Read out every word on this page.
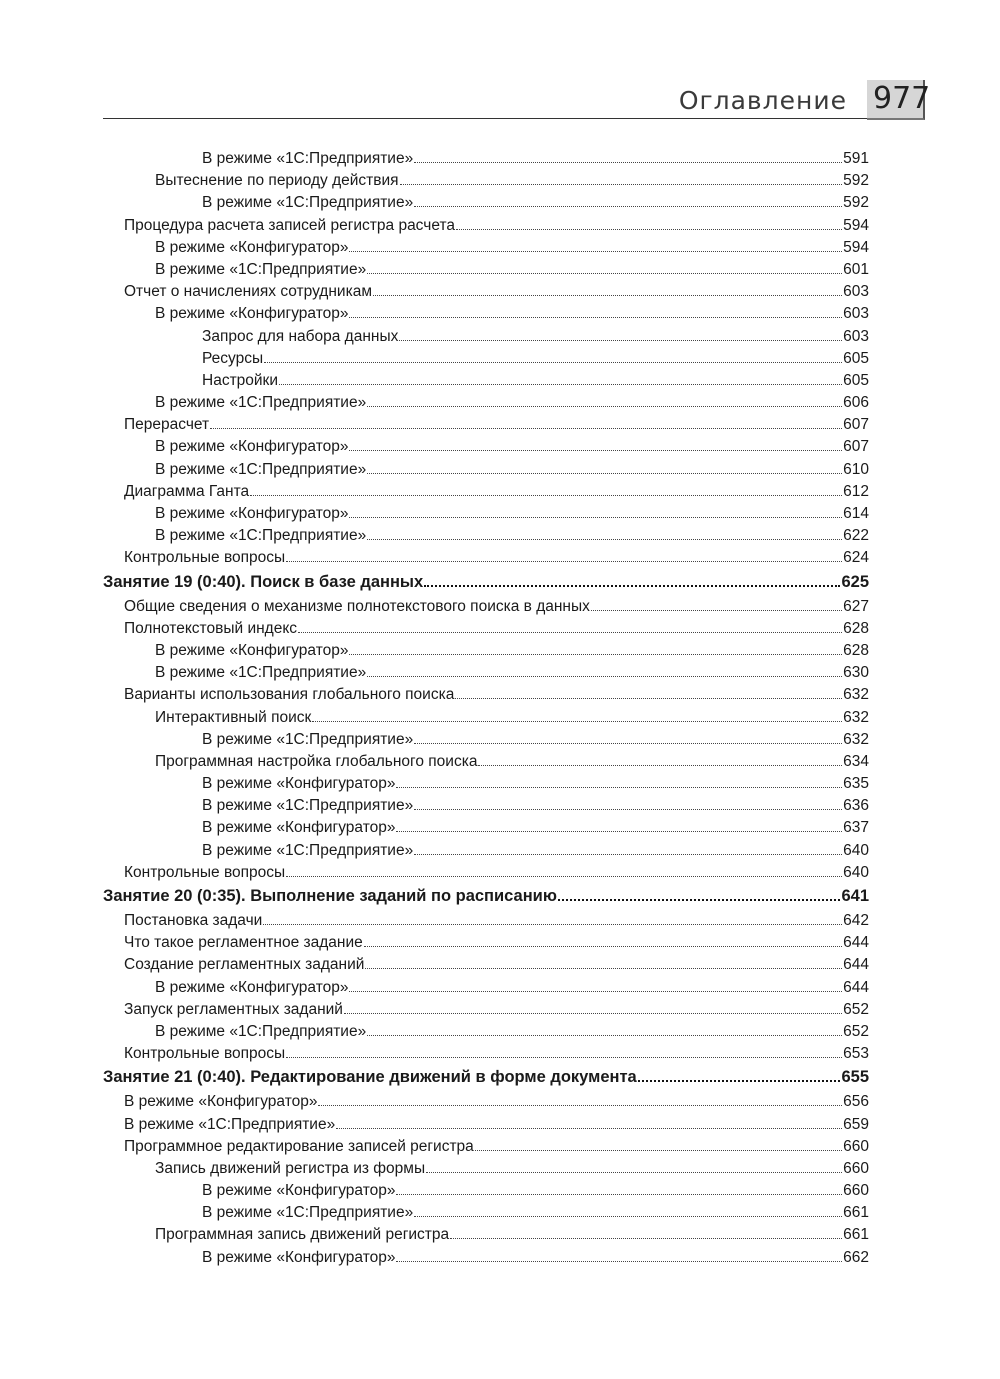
Оглавление 977
В режиме «1С:Предприятие»	591
Вытеснение по периоду действия	592
В режиме «1С:Предприятие»	592
Процедура расчета записей регистра расчета	594
В режиме «Конфигуратор»	594
В режиме «1С:Предприятие»	601
Отчет о начислениях сотрудникам	603
В режиме «Конфигуратор»	603
Запрос для набора данных	603
Ресурсы	605
Настройки	605
В режиме «1С:Предприятие»	606
Перерасчет	607
В режиме «Конфигуратор»	607
В режиме «1С:Предприятие»	610
Диаграмма Ганта	612
В режиме «Конфигуратор»	614
В режиме «1С:Предприятие»	622
Контрольные вопросы	624
Занятие 19 (0:40). Поиск в базе данных	625
Общие сведения о механизме полнотекстового поиска в данных	627
Полнотекстовый индекс	628
В режиме «Конфигуратор»	628
В режиме «1С:Предприятие»	630
Варианты использования глобального поиска	632
Интерактивный поиск	632
В режиме «1С:Предприятие»	632
Программная настройка глобального поиска	634
В режиме «Конфигуратор»	635
В режиме «1С:Предприятие»	636
В режиме «Конфигуратор»	637
В режиме «1С:Предприятие»	640
Контрольные вопросы	640
Занятие 20 (0:35). Выполнение заданий по расписанию	641
Постановка задачи	642
Что такое регламентное задание	644
Создание регламентных заданий	644
В режиме «Конфигуратор»	644
Запуск регламентных заданий	652
В режиме «1С:Предприятие»	652
Контрольные вопросы	653
Занятие 21 (0:40). Редактирование движений в форме документа	655
В режиме «Конфигуратор»	656
В режиме «1С:Предприятие»	659
Программное редактирование записей регистра	660
Запись движений регистра из формы	660
В режиме «Конфигуратор»	660
В режиме «1С:Предприятие»	661
Программная запись движений регистра	661
В режиме «Конфигуратор»	662
